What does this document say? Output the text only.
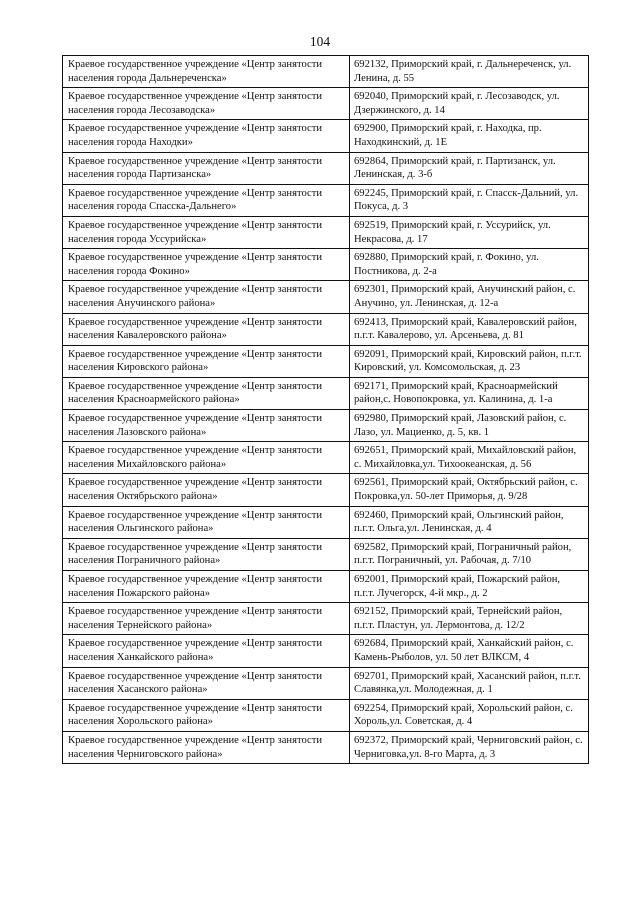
104
Краевое государственное учреждение «Центр занятости населения города Дальнереченска»	692132, Приморский край, г. Дальнереченск, ул. Ленина, д. 55
Краевое государственное учреждение «Центр занятости населения города Лесозаводска»	692040, Приморский край, г. Лесозаводск, ул. Дзержинского, д. 14
Краевое государственное учреждение «Центр занятости населения города Находки»	692900, Приморский край, г. Находка, пр. Находкинский, д. 1Е
Краевое государственное учреждение «Центр занятости населения города Партизанска»	692864, Приморский край, г. Партизанск, ул. Ленинская, д. 3-б
Краевое государственное учреждение «Центр занятости населения города Спасска-Дальнего»	692245, Приморский край, г. Спасск-Дальний, ул. Покуса, д. 3
Краевое государственное учреждение «Центр занятости населения города Уссурийска»	692519, Приморский край, г. Уссурийск, ул. Некрасова, д. 17
Краевое государственное учреждение «Центр занятости населения города Фокино»	692880, Приморский край, г. Фокино, ул. Постникова, д. 2-а
Краевое государственное учреждение «Центр занятости населения Анучинского района»	692301, Приморский край, Анучинский район, с. Анучино, ул. Ленинская, д. 12-а
Краевое государственное учреждение «Центр занятости населения Кавалеровского района»	692413, Приморский край, Кавалеровский район, п.г.т. Кавалерово, ул. Арсеньева, д. 81
Краевое государственное учреждение «Центр занятости населения Кировского района»	692091, Приморский край, Кировский район, п.г.т. Кировский, ул. Комсомольская, д. 23
Краевое государственное учреждение «Центр занятости населения Красноармейского района»	692171, Приморский край, Красноармейский район,с. Новопокровка, ул. Калинина, д. 1-а
Краевое государственное учреждение «Центр занятости населения Лазовского района»	692980, Приморский край, Лазовский район, с. Лазо, ул. Мациенко, д. 5, кв. 1
Краевое государственное учреждение «Центр занятости населения Михайловского района»	692651, Приморский край, Михайловский район, с. Михайловка,ул. Тихоокеанская, д. 56
Краевое государственное учреждение «Центр занятости населения Октябрьского района»	692561, Приморский край, Октябрьский район, с. Покровка,ул. 50-лет Приморья, д. 9/28
Краевое государственное учреждение «Центр занятости населения Ольгинского района»	692460, Приморский край, Ольгинский район, п.г.т. Ольга,ул. Ленинская, д. 4
Краевое государственное учреждение «Центр занятости населения Пограничного района»	692582, Приморский край, Пограничный район, п.г.т. Пограничный, ул. Рабочая, д. 7/10
Краевое государственное учреждение «Центр занятости населения Пожарского района»	692001, Приморский край, Пожарский район, п.г.т. Лучегорск, 4-й мкр., д. 2
Краевое государственное учреждение «Центр занятости населения Тернейского района»	692152, Приморский край, Тернейский район, п.г.т. Пластун, ул. Лермонтова, д. 12/2
Краевое государственное учреждение «Центр занятости населения Ханкайского района»	692684, Приморский край, Ханкайский район, с. Камень-Рыболов, ул. 50 лет ВЛКСМ, 4
Краевое государственное учреждение «Центр занятости населения Хасанского района»	692701, Приморский край, Хасанский район, п.г.т. Славянка,ул. Молодежная, д. 1
Краевое государственное учреждение «Центр занятости населения Хорольского района»	692254, Приморский край, Хорольский район, с. Хороль,ул. Советская, д. 4
Краевое государственное учреждение «Центр занятости населения Черниговского района»	692372, Приморский край, Черниговский район, с. Черниговка,ул. 8-го Марта, д. 3
